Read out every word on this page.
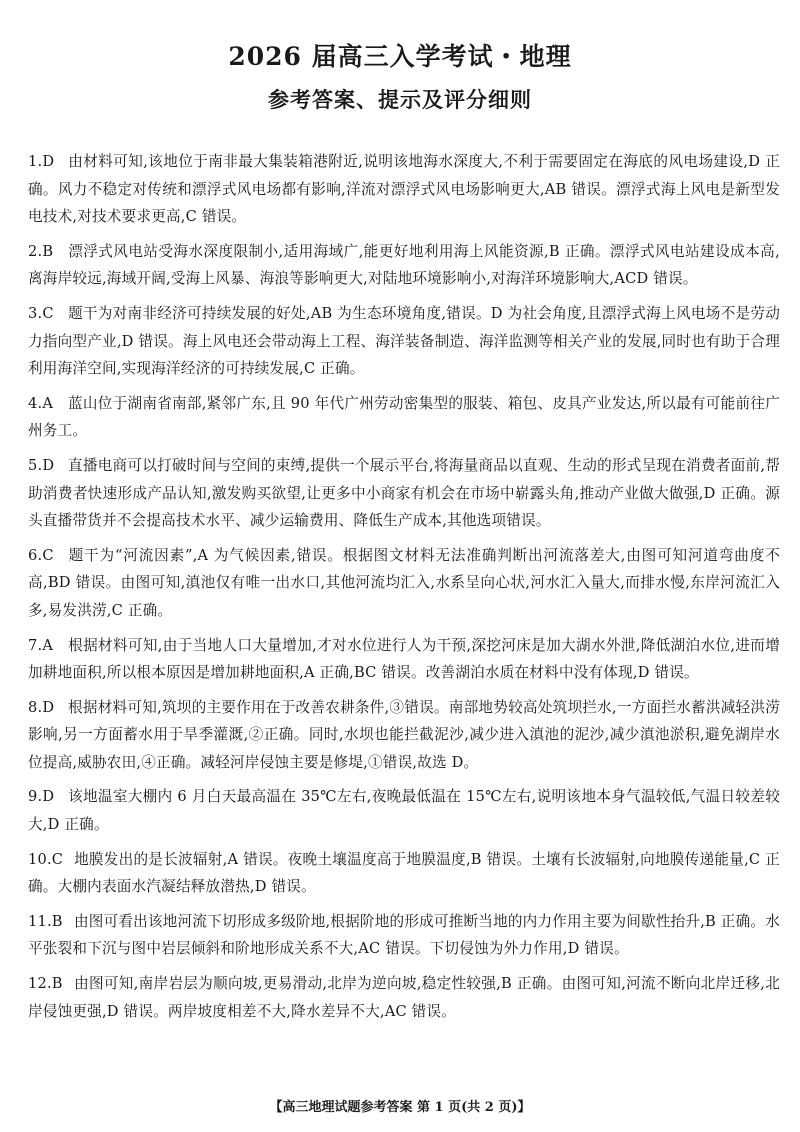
2026 届高三入学考试・地理
参考答案、提示及评分细则
1.D 由材料可知,该地位于南非最大集装箱港附近,说明该地海水深度大,不利于需要固定在海底的风电场建设,D 正确。风力不稳定对传统和漂浮式风电场都有影响,洋流对漂浮式风电场影响更大,AB 错误。漂浮式海上风电是新型发电技术,对技术要求更高,C 错误。
2.B 漂浮式风电站受海水深度限制小,适用海域广,能更好地利用海上风能资源,B 正确。漂浮式风电站建设成本高,离海岸较远,海域开阔,受海上风暴、海浪等影响更大,对陆地环境影响小,对海洋环境影响大,ACD 错误。
3.C 题干为对南非经济可持续发展的好处,AB 为生态环境角度,错误。D 为社会角度,且漂浮式海上风电场不是劳动力指向型产业,D 错误。海上风电还会带动海上工程、海洋装备制造、海洋监测等相关产业的发展,同时也有助于合理利用海洋空间,实现海洋经济的可持续发展,C 正确。
4.A 蓝山位于湖南省南部,紧邻广东,且 90 年代广州劳动密集型的服装、箱包、皮具产业发达,所以最有可能前往广州务工。
5.D 直播电商可以打破时间与空间的束缚,提供一个展示平台,将海量商品以直观、生动的形式呈现在消费者面前,帮助消费者快速形成产品认知,激发购买欲望,让更多中小商家有机会在市场中崭露头角,推动产业做大做强,D 正确。源头直播带货并不会提高技术水平、减少运输费用、降低生产成本,其他选项错误。
6.C 题干为“河流因素”,A 为气候因素,错误。根据图文材料无法准确判断出河流落差大,由图可知河道弯曲度不高,BD 错误。由图可知,滇池仅有唯一出水口,其他河流均汇入,水系呈向心状,河水汇入量大,而排水慢,东岸河流汇入多,易发洪涝,C 正确。
7.A 根据材料可知,由于当地人口大量增加,才对水位进行人为干预,深挖河床是加大湖水外泄,降低湖泊水位,进而增加耕地面积,所以根本原因是增加耕地面积,A 正确,BC 错误。改善湖泊水质在材料中没有体现,D 错误。
8.D 根据材料可知,筑坝的主要作用在于改善农耕条件,③错误。南部地势较高处筑坝拦水,一方面拦水蓄洪减轻洪涝影响,另一方面蓄水用于旱季灌溉,②正确。同时,水坝也能拦截泥沙,减少进入滇池的泥沙,减少滇池淤积,避免湖岸水位提高,威胁农田,④正确。减轻河岸侵蚀主要是修堤,①错误,故选 D。
9.D 该地温室大棚内 6 月白天最高温在 35℃左右,夜晚最低温在 15℃左右,说明该地本身气温较低,气温日较差较大,D 正确。
10.C 地膜发出的是长波辐射,A 错误。夜晚土壤温度高于地膜温度,B 错误。土壤有长波辐射,向地膜传递能量,C 正确。大棚内表面水汽凝结释放潜热,D 错误。
11.B 由图可看出该地河流下切形成多级阶地,根据阶地的形成可推断当地的内力作用主要为间歇性抬升,B 正确。水平张裂和下沉与图中岩层倾斜和阶地形成关系不大,AC 错误。下切侵蚀为外力作用,D 错误。
12.B 由图可知,南岸岩层为顺向坡,更易滑动,北岸为逆向坡,稳定性较强,B 正确。由图可知,河流不断向北岸迁移,北岸侵蚀更强,D 错误。两岸坡度相差不大,降水差异不大,AC 错误。
【高三地理试题参考答案 第 1 页(共 2 页)】
